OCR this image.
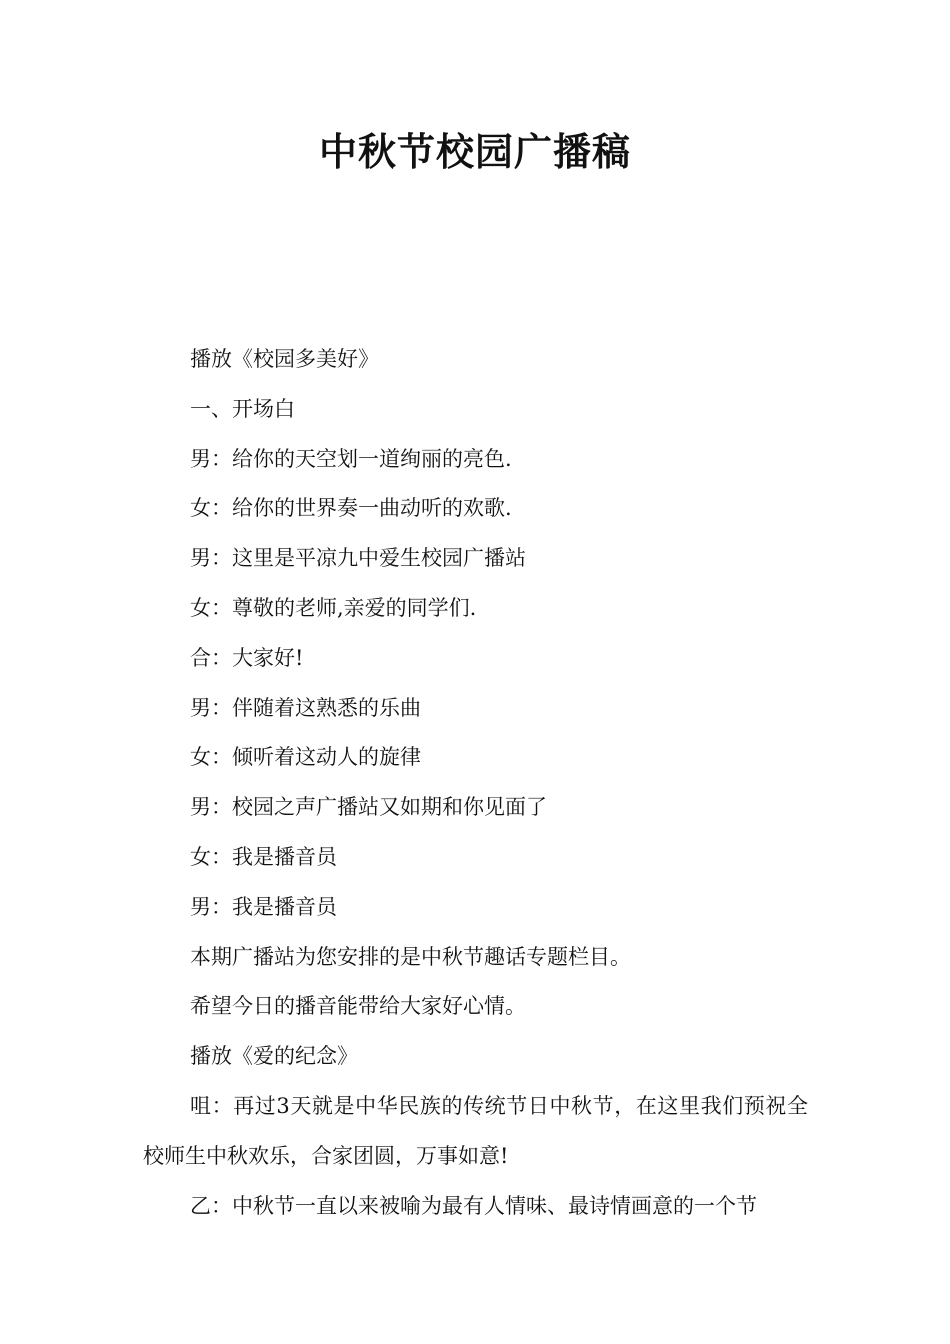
中秋节校园广播稿

播放《校园多美好》

一、开场白

男：给你的天空划一道绚丽的亮色.

女：给你的世界奏一曲动听的欢歌.

男：这里是平凉九中爱生校园广播站

女：尊敬的老师,亲爱的同学们.

合：大家好!

男：伴随着这熟悉的乐曲

女：倾听着这动人的旋律

男：校园之声广播站又如期和你见面了

女：我是播音员

男：我是播音员

本期广播站为您安排的是中秋节趣话专题栏目。

希望今日的播音能带给大家好心情。

播放《爱的纪念》

咀：再过3天就是中华民族的传统节日中秋节，在这里我们预祝全校师生中秋欢乐，合家团圆，万事如意!

乙：中秋节一直以来被喻为最有人情味、最诗情画意的一个节
